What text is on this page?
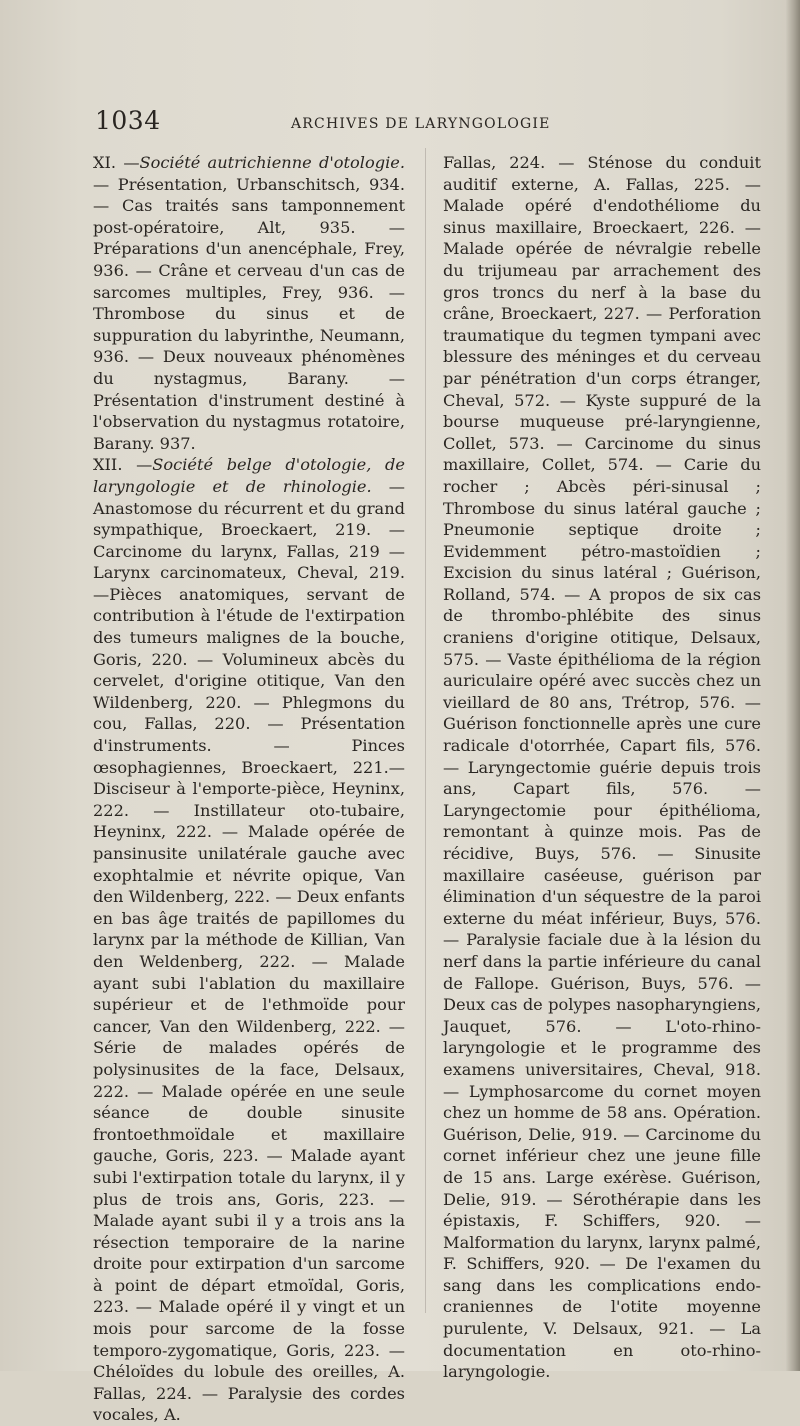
1034	ARCHIVES DE LARYNGOLOGIE

XI. —Société autrichienne d'otologie. — Présentation, Urbanschitsch, 934. — Cas traités sans tamponnement post-opératoire, Alt, 935. — Préparations d'un anencéphale, Frey, 936. — Crâne et cerveau d'un cas de sarcomes multiples, Frey, 936. — Thrombose du sinus et de suppuration du labyrinthe, Neumann, 936. — Deux nouveaux phénomènes du nystagmus, Barany. — Présentation d'instrument destiné à l'observation du nystagmus rotatoire, Barany. 937.

XII. —Société belge d'otologie, de laryngologie et de rhinologie. — Anastomose du récurrent et du grand sympathique, Broeckaert, 219. — Carcinome du larynx, Fallas, 219 — Larynx carcinomateux, Cheval, 219.—Pièces anatomiques, servant de contribution à l'étude de l'extirpation des tumeurs malignes de la bouche, Goris, 220. — Volumineux abcès du cervelet, d'origine otitique, Van den Wildenberg, 220. — Phlegmons du cou, Fallas, 220. — Présentation d'instruments. — Pinces œsophagiennes, Broeckaert, 221.— Disciseur à l'emporte-pièce, Heyninx, 222. — Instillateur oto-tubaire, Heyninx, 222. — Malade opérée de pansinusite unilatérale gauche avec exophtalmie et névrite opique, Van den Wildenberg, 222. — Deux enfants en bas âge traités de papillomes du larynx par la méthode de Killian, Van den Weldenberg, 222. — Malade ayant subi l'ablation du maxillaire supérieur et de l'ethmoïde pour cancer, Van den Wildenberg, 222. — Série de malades opérés de polysinusites de la face, Delsaux, 222. — Malade opérée en une seule séance de double sinusite frontoethmoïdale et maxillaire gauche, Goris, 223. — Malade ayant subi l'extirpation totale du larynx, il y plus de trois ans, Goris, 223. — Malade ayant subi il y a trois ans la résection temporaire de la narine droite pour extirpation d'un sarcome à point de départ etmoïdal, Goris, 223. — Malade opéré il y vingt et un mois pour sarcome de la fosse temporo-zygomatique, Goris, 223. — Chéloïdes du lobule des oreilles, A. Fallas, 224. — Paralysie des cordes vocales, A.

Fallas, 224. — Sténose du conduit auditif externe, A. Fallas, 225. — Malade opéré d'endothéliome du sinus maxillaire, Broeckaert, 226. — Malade opérée de névralgie rebelle du trijumeau par arrachement des gros troncs du nerf à la base du crâne, Broeckaert, 227. — Perforation traumatique du tegmen tympani avec blessure des méninges et du cerveau par pénétration d'un corps étranger, Cheval, 572. — Kyste suppuré de la bourse muqueuse pré-laryngienne, Collet, 573. — Carcinome du sinus maxillaire, Collet, 574. — Carie du rocher ; Abcès péri-sinusal ; Thrombose du sinus latéral gauche ; Pneumonie septique droite ; Evidemment pétro-mastoïdien ; Excision du sinus latéral ; Guérison, Rolland, 574. — A propos de six cas de thrombo-phlébite des sinus craniens d'origine otitique, Delsaux, 575. — Vaste épithélioma de la région auriculaire opéré avec succès chez un vieillard de 80 ans, Trétrop, 576. — Guérison fonctionnelle après une cure radicale d'otorrhée, Capart fils, 576. — Laryngectomie guérie depuis trois ans, Capart fils, 576. — Laryngectomie pour épithélioma, remontant à quinze mois. Pas de récidive, Buys, 576. — Sinusite maxillaire caséeuse, guérison par élimination d'un séquestre de la paroi externe du méat inférieur, Buys, 576. — Paralysie faciale due à la lésion du nerf dans la partie inférieure du canal de Fallope. Guérison, Buys, 576. — Deux cas de polypes nasopharyngiens, Jauquet, 576. — L'oto-rhino-laryngologie et le programme des examens universitaires, Cheval, 918. — Lymphosarcome du cornet moyen chez un homme de 58 ans. Opération. Guérison, Delie, 919. — Carcinome du cornet inférieur chez une jeune fille de 15 ans. Large exérèse. Guérison, Delie, 919. — Sérothérapie dans les épistaxis, F. Schiffers, 920. — Malformation du larynx, larynx palmé, F. Schiffers, 920. — De l'examen du sang dans les complications endo-craniennes de l'otite moyenne purulente, V. Delsaux, 921. — La documentation en oto-rhino-laryngologie.
